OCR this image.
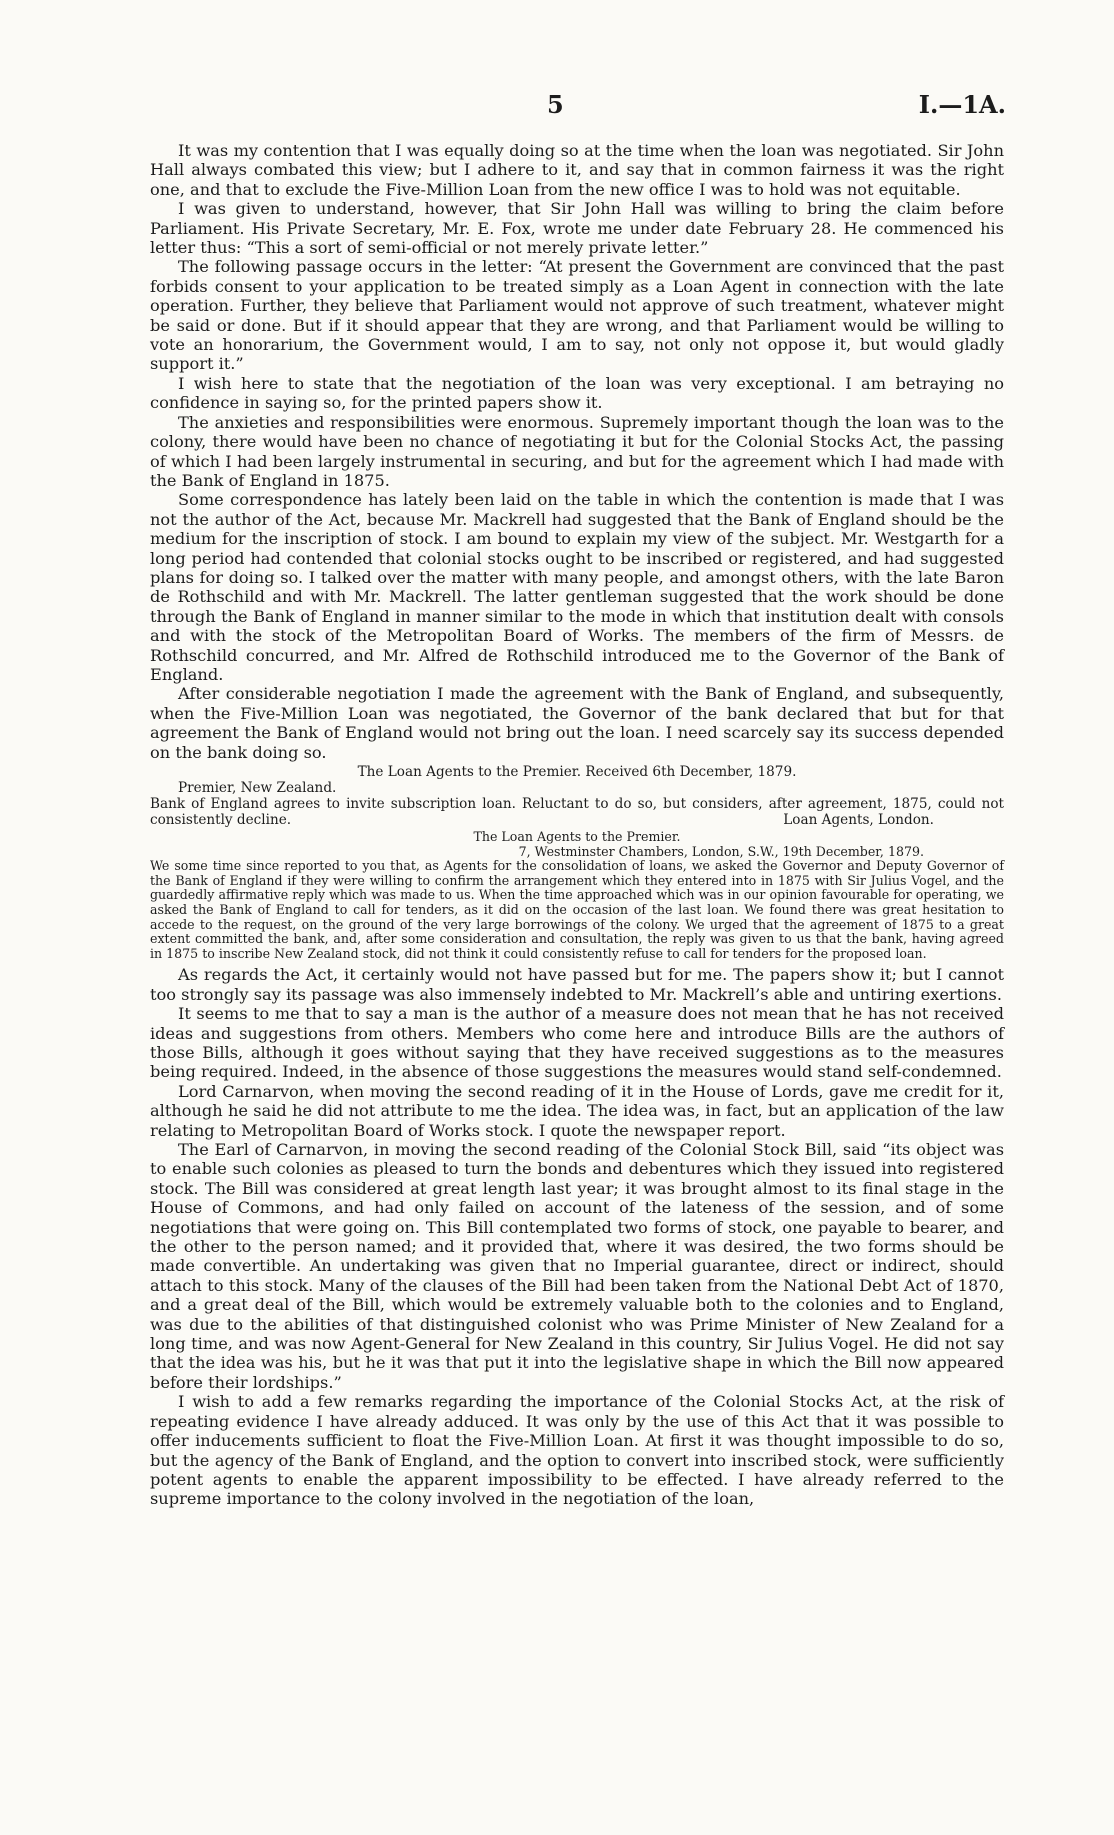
5	I.—1A.

It was my contention that I was equally doing so at the time when the loan was negotiated. Sir John Hall always combated this view; but I adhere to it, and say that in common fairness it was the right one, and that to exclude the Five-Million Loan from the new office I was to hold was not equitable.

I was given to understand, however, that Sir John Hall was willing to bring the claim before Parliament. His Private Secretary, Mr. E. Fox, wrote me under date February 28. He commenced his letter thus: “This a sort of semi-official or not merely private letter.”

The following passage occurs in the letter: “At present the Government are convinced that the past forbids consent to your application to be treated simply as a Loan Agent in connection with the late operation. Further, they believe that Parliament would not approve of such treatment, whatever might be said or done. But if it should appear that they are wrong, and that Parliament would be willing to vote an honorarium, the Government would, I am to say, not only not oppose it, but would gladly support it.”

I wish here to state that the negotiation of the loan was very exceptional. I am betraying no confidence in saying so, for the printed papers show it.

The anxieties and responsibilities were enormous. Supremely important though the loan was to the colony, there would have been no chance of negotiating it but for the Colonial Stocks Act, the passing of which I had been largely instrumental in securing, and but for the agreement which I had made with the Bank of England in 1875.

Some correspondence has lately been laid on the table in which the contention is made that I was not the author of the Act, because Mr. Mackrell had suggested that the Bank of England should be the medium for the inscription of stock. I am bound to explain my view of the subject. Mr. Westgarth for a long period had contended that colonial stocks ought to be inscribed or registered, and had suggested plans for doing so. I talked over the matter with many people, and amongst others, with the late Baron de Rothschild and with Mr. Mackrell. The latter gentleman suggested that the work should be done through the Bank of England in manner similar to the mode in which that institution dealt with consols and with the stock of the Metropolitan Board of Works. The members of the firm of Messrs. de Rothschild concurred, and Mr. Alfred de Rothschild introduced me to the Governor of the Bank of England.

After considerable negotiation I made the agreement with the Bank of England, and subsequently, when the Five-Million Loan was negotiated, the Governor of the bank declared that but for that agreement the Bank of England would not bring out the loan. I need scarcely say its success depended on the bank doing so.

The Loan Agents to the Premier. Received 6th December, 1879.
Premier, New Zealand.
Bank of England agrees to invite subscription loan. Reluctant to do so, but considers, after agreement, 1875, could not consistently decline.	Loan Agents, London.
The Loan Agents to the Premier.
7, Westminster Chambers, London, S.W., 19th December, 1879.
We some time since reported to you that, as Agents for the consolidation of loans, we asked the Governor and Deputy Governor of the Bank of England if they were willing to confirm the arrangement which they entered into in 1875 with Sir Julius Vogel, and the guardedly affirmative reply which was made to us. When the time approached which was in our opinion favourable for operating, we asked the Bank of England to call for tenders, as it did on the occasion of the last loan. We found there was great hesitation to accede to the request, on the ground of the very large borrowings of the colony. We urged that the agreement of 1875 to a great extent committed the bank, and, after some consideration and consultation, the reply was given to us that the bank, having agreed in 1875 to inscribe New Zealand stock, did not think it could consistently refuse to call for tenders for the proposed loan.

As regards the Act, it certainly would not have passed but for me. The papers show it; but I cannot too strongly say its passage was also immensely indebted to Mr. Mackrell’s able and untiring exertions.

It seems to me that to say a man is the author of a measure does not mean that he has not received ideas and suggestions from others. Members who come here and introduce Bills are the authors of those Bills, although it goes without saying that they have received suggestions as to the measures being required. Indeed, in the absence of those suggestions the measures would stand self-condemned.

Lord Carnarvon, when moving the second reading of it in the House of Lords, gave me credit for it, although he said he did not attribute to me the idea. The idea was, in fact, but an application of the law relating to Metropolitan Board of Works stock. I quote the newspaper report.

The Earl of Carnarvon, in moving the second reading of the Colonial Stock Bill, said “its object was to enable such colonies as pleased to turn the bonds and debentures which they issued into registered stock. The Bill was considered at great length last year; it was brought almost to its final stage in the House of Commons, and had only failed on account of the lateness of the session, and of some negotiations that were going on. This Bill contemplated two forms of stock, one payable to bearer, and the other to the person named; and it provided that, where it was desired, the two forms should be made convertible. An undertaking was given that no Imperial guarantee, direct or indirect, should attach to this stock. Many of the clauses of the Bill had been taken from the National Debt Act of 1870, and a great deal of the Bill, which would be extremely valuable both to the colonies and to England, was due to the abilities of that distinguished colonist who was Prime Minister of New Zealand for a long time, and was now Agent-General for New Zealand in this country, Sir Julius Vogel. He did not say that the idea was his, but he it was that put it into the legislative shape in which the Bill now appeared before their lordships.”

I wish to add a few remarks regarding the importance of the Colonial Stocks Act, at the risk of repeating evidence I have already adduced. It was only by the use of this Act that it was possible to offer inducements sufficient to float the Five-Million Loan. At first it was thought impossible to do so, but the agency of the Bank of England, and the option to convert into inscribed stock, were sufficiently potent agents to enable the apparent impossibility to be effected. I have already referred to the supreme importance to the colony involved in the negotiation of the loan,
